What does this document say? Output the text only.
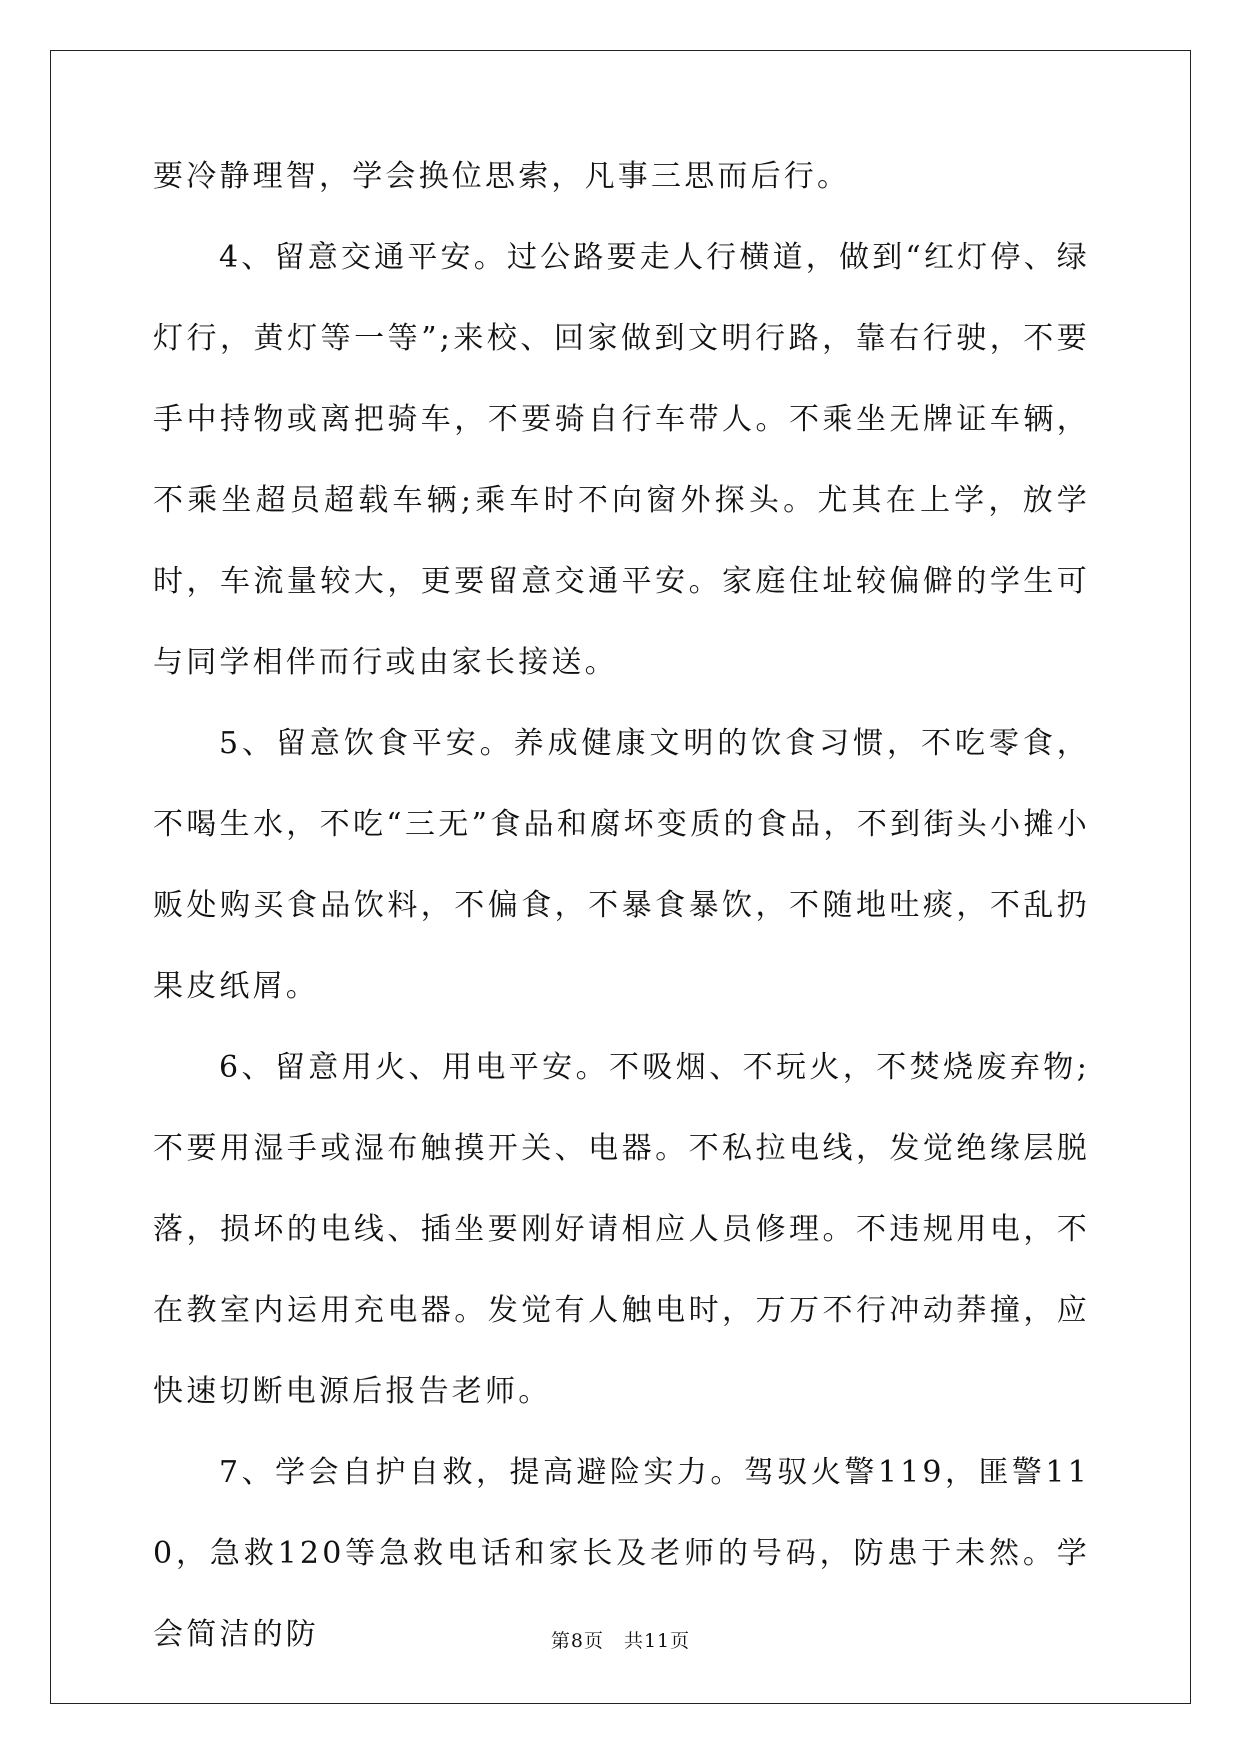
要冷静理智，学会换位思索，凡事三思而后行。

4、留意交通平安。过公路要走人行横道，做到“红灯停、绿灯行，黄灯等一等”;来校、回家做到文明行路，靠右行驶，不要手中持物或离把骑车，不要骑自行车带人。不乘坐无牌证车辆，不乘坐超员超载车辆;乘车时不向窗外探头。尤其在上学，放学时，车流量较大，更要留意交通平安。家庭住址较偏僻的学生可与同学相伴而行或由家长接送。

5、留意饮食平安。养成健康文明的饮食习惯，不吃零食，不喝生水，不吃“三无”食品和腐坏变质的食品，不到街头小摊小贩处购买食品饮料，不偏食，不暴食暴饮，不随地吐痰，不乱扔果皮纸屑。

6、留意用火、用电平安。不吸烟、不玩火，不焚烧废弃物;不要用湿手或湿布触摸开关、电器。不私拉电线，发觉绝缘层脱落，损坏的电线、插坐要刚好请相应人员修理。不违规用电，不在教室内运用充电器。发觉有人触电时，万万不行冲动莽撞，应快速切断电源后报告老师。

7、学会自护自救，提高避险实力。驾驭火警119，匪警110，急救120等急救电话和家长及老师的号码，防患于未然。学会简洁的防	第8页 共11页
